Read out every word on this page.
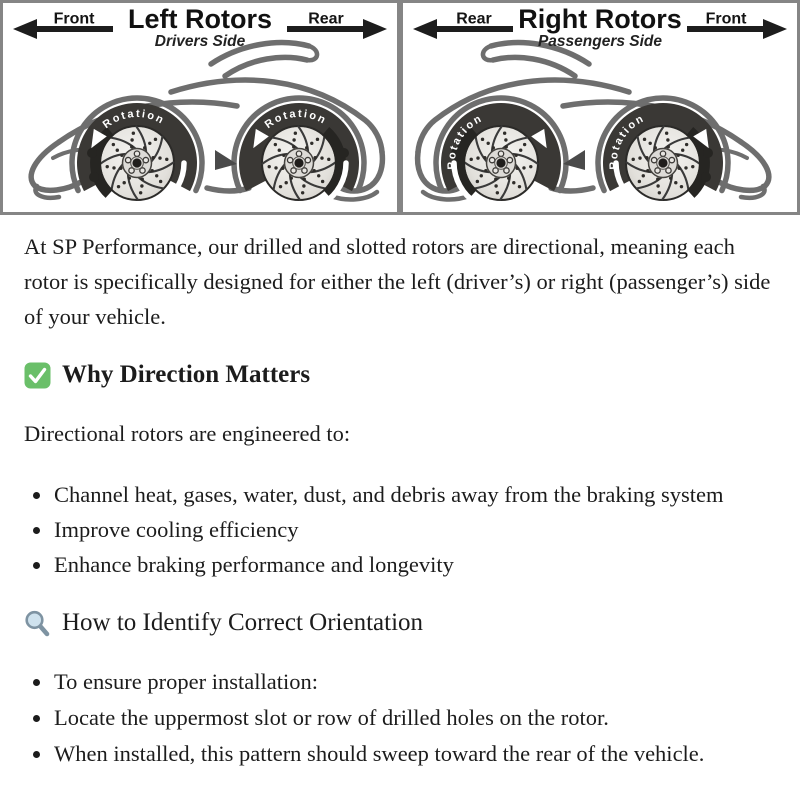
Left Rotors
Drivers Side
Front	Rear
Rotation	Rotation
Right Rotors
Passengers Side
Rear	Front
Rotation
Rotation

At SP Performance, our drilled and slotted rotors are directional, meaning each rotor is specifically designed for either the left (driver’s) or right (passenger’s) side of your vehicle.

Why Direction Matters

Directional rotors are engineered to:

• Channel heat, gases, water, dust, and debris away from the braking system
• Improve cooling efficiency
• Enhance braking performance and longevity
How to Identify Correct Orientation
• To ensure proper installation:
• Locate the uppermost slot or row of drilled holes on the rotor.
• When installed, this pattern should sweep toward the rear of the vehicle.
